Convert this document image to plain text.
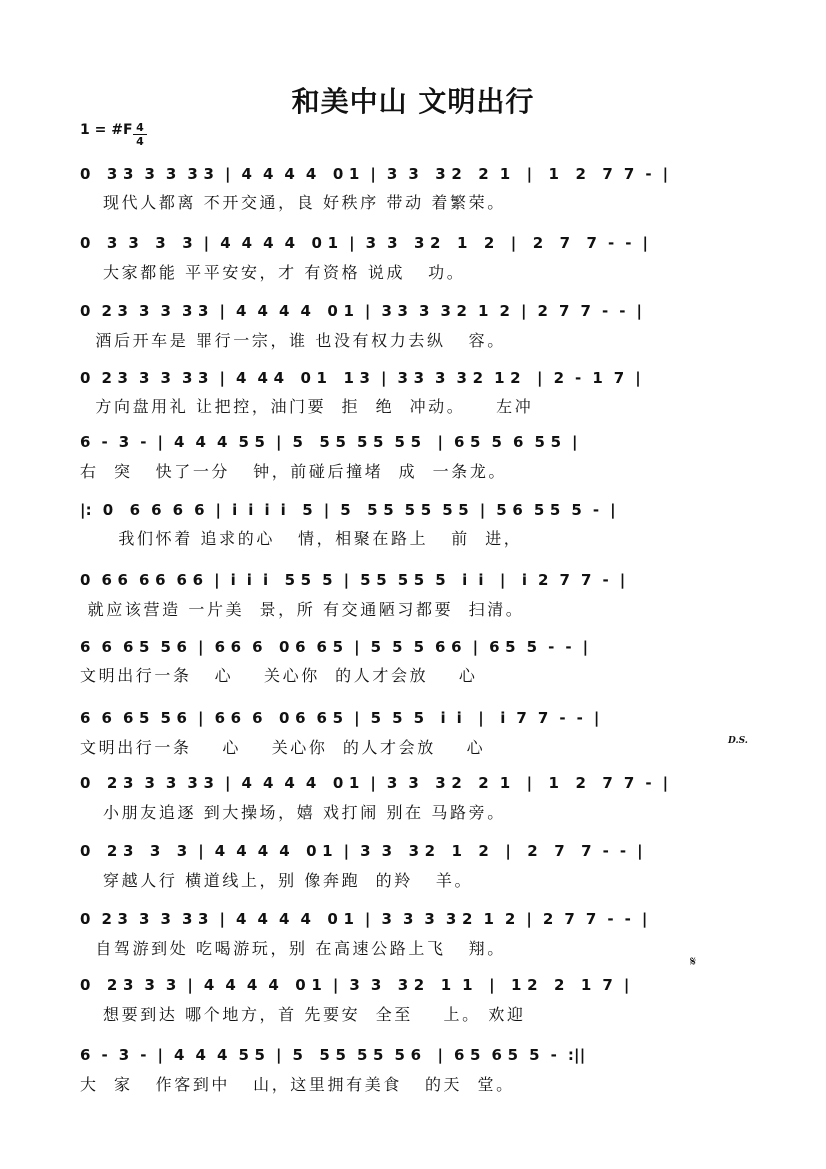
和美中山 文明出行
1 = #F 4
4
0   3 3  3  3  3 3  |  4  4  4  4   0 1  |  3  3   3 2   2  1   |   1   2   7  7  -  |
现代人都离 不开交通，良 好秩序 带动 着繁荣。
0   3  3   3   3  |  4  4  4  4   0 1  |  3  3   3 2   1   2   |   2   7   7  -  -  |
大家都能 平平安安，才 有资格 说成   功。
0  2 3  3  3  3 3  |  4  4  4  4   0 1  |  3 3  3  3 2  1  2  |  2  7  7  -  -  |
酒后开车是 罪行一宗，谁 也没有权力去纵   容。
0  2 3  3  3  3 3  |  4  4 4   0 1   1 3  |  3 3  3  3 2  1 2   |  2  -  1  7  |
方向盘用礼 让把控，油门要  拒  绝  冲动。    左冲
6  -  3  -  |  4  4  4  5 5  |  5   5 5  5 5  5 5   |  6 5  5  6  5 5  |
右  突   快了一分   钟，前碰后撞堵  成  一条龙。
|:  0   6  6  6  6  |  i  i  i  i   5  |  5   5 5  5 5  5 5  |  5 6  5 5  5  -  |
我们怀着 追求的心   情，相聚在路上   前  进，
0  6 6  6 6  6 6  |  i  i  i   5 5  5  |  5 5  5 5  5   i  i   |   i  2  7  7  -  |
就应该营造 一片美  景，所 有交通陋习都要  扫清。
6  6  6 5  5 6  |  6 6  6   0 6  6 5  |  5  5  5  6 6  |  6 5  5  -  -  |
文明出行一条   心    关心你  的人才会放    心
6  6  6 5  5 6  |  6 6  6   0 6  6 5  |  5  5  5   i  i   |   i  7  7  -  -  |
文明出行一条    心    关心你  的人才会放    心
0   2 3  3  3  3 3  |  4  4  4  4   0 1  |  3  3   3 2   2  1   |   1   2   7  7  -  |
小朋友追逐 到大操场，嬉 戏打闹 别在 马路旁。
0   2 3   3   3  |  4  4  4  4   0 1  |  3  3   3 2   1   2   |   2   7   7  -  -  |
穿越人行 横道线上，别 像奔跑  的羚   羊。
0  2 3  3  3  3 3  |  4  4  4  4   0 1  |  3  3  3  3 2  1  2  |  2  7  7  -  -  |
自驾游到处 吃喝游玩，别 在高速公路上飞   翔。
0   2 3  3  3  |  4  4  4  4   0 1  |  3  3   3 2   1  1   |   1 2   2   1  7  |
想要到达 哪个地方，首 先要安  全至    上。 欢迎
6  -  3  -  |  4  4  4  5 5  |  5   5 5  5 5  5 6   |  6 5  6 5  5  -  :||
大  家   作客到中   山，这里拥有美食   的天  堂。
D.S.
𝄋
